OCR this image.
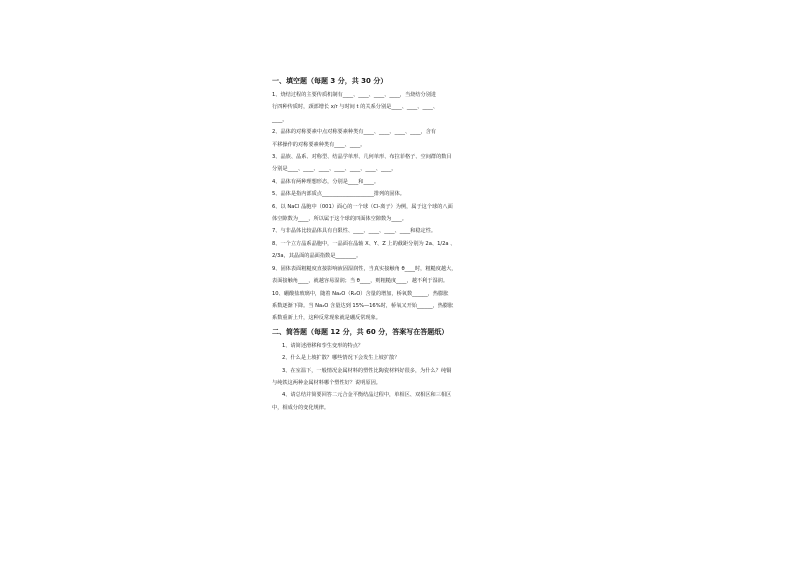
一、填空题（每题 3 分，共 30 分）
1、烧结过程的主要传质机制有____、____、____、____，当烧结分别进
行四种传质时，颈部增长 x/r 与时间 t 的关系分别是____、____、____、
____。
2、晶体的对称要素中点对称要素种类有____、____、____、____，含有
平移操作的对称要素种类有____、____。
3、晶族、晶系、对称型、结晶学单形、几何单形、布拉菲格子、空间群的数目
分别是____、____、____、____、____、____、____。
4、晶体有两种理想形态，分别是____和____。
5、晶体是指内部质点____________________排列的固体。
6、以 NaCl 晶胞中（001）面心的一个球（Cl-离子）为例，属于这个球的八面
体空隙数为____，所以属于这个球的四面体空隙数为____。
7、与非晶体比较晶体具有自限性、____、____、____、____和稳定性。
8、一个立方晶系晶胞中，一晶面在晶轴 X、Y、Z 上的截距分别为 2a、1/2a 、
2/3a，其晶面的晶面指数是________。
9、固体表面粗糙度直接影响液固湿润性，当真实接触角 θ____时，粗糙度越大，
表面接触角____，就越容易湿润；当 θ____，则粗糙度____，越不利于湿润。
10、硼酸盐玻璃中，随着 Na₂O（R₂O）含量的增加，桥氧数______，热膨胀
系数逐渐下降。当 Na₂O 含量达到 15%—16%时，桥氧又开始______，热膨胀
系数重新上升，这种反常现象就是硼反常现象。
二、简答题（每题 12 分，共 60 分，答案写在答题纸）
1、请简述滑移和孪生变形的特点？
2、什么是上坡扩散？哪些情况下会发生上坡扩散？
3、在室温下，一般情况金属材料的塑性比陶瓷材料好很多，为什么？纯铜
与纯铁这两种金属材料哪个塑性好？说明原因。
4、请总结并简要回答二元合金平衡结晶过程中，单相区、双相区和三相区
中，相成分的变化规律。
